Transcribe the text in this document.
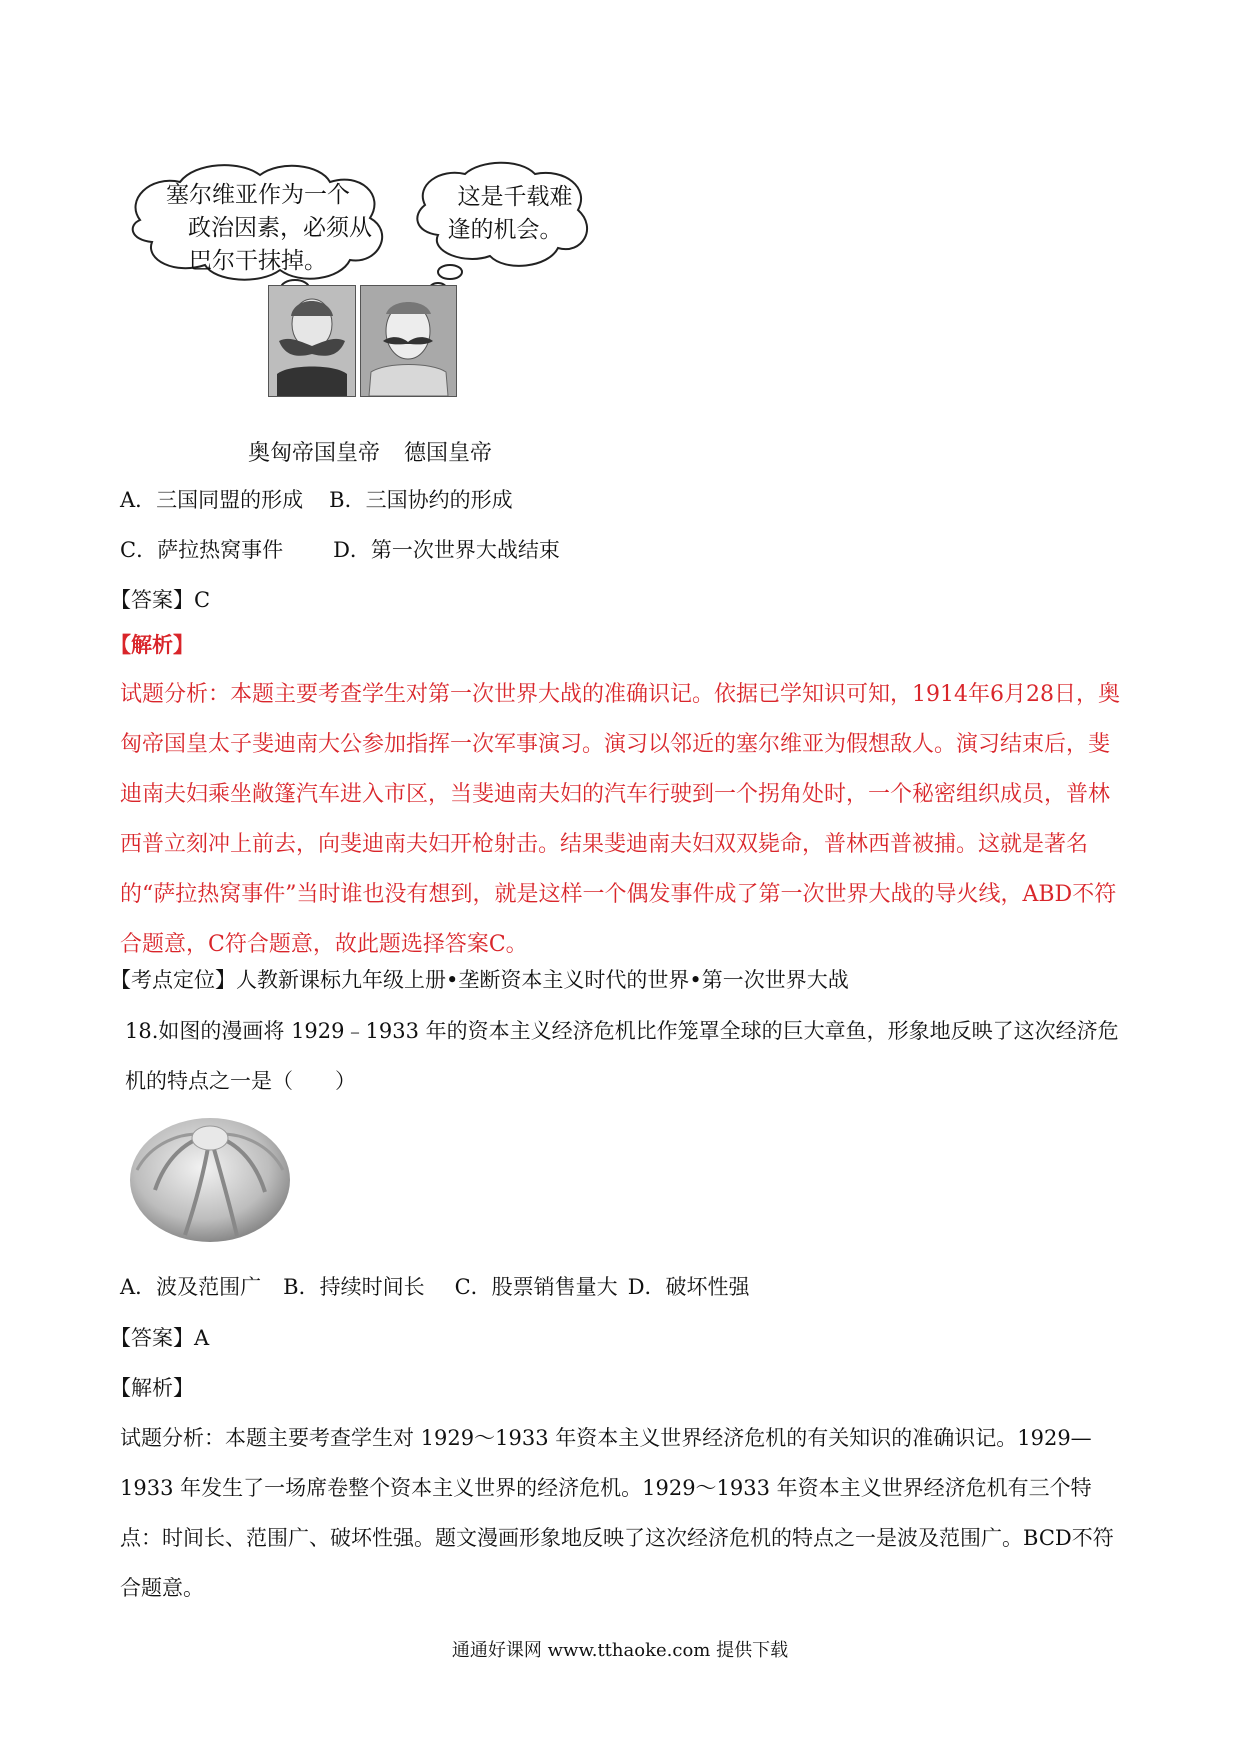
塞尔维亚作为一个
政治因素，必须从
巴尔干抹掉。
这是千载难
逢的机会。
奥匈帝国皇帝 德国皇帝
A．三国同盟的形成 B．三国协约的形成
C．萨拉热窝事件 D．第一次世界大战结束
【答案】C
【解析】
试题分析：本题主要考查学生对第一次世界大战的准确识记。依据已学知识可知，1914年6月28日，奥匈帝国皇太子斐迪南大公参加指挥一次军事演习。演习以邻近的塞尔维亚为假想敌人。演习结束后，斐迪南夫妇乘坐敞篷汽车进入市区，当斐迪南夫妇的汽车行驶到一个拐角处时，一个秘密组织成员，普林西普立刻冲上前去，向斐迪南夫妇开枪射击。结果斐迪南夫妇双双毙命，普林西普被捕。这就是著名的“萨拉热窝事件”当时谁也没有想到，就是这样一个偶发事件成了第一次世界大战的导火线，ABD不符合题意，C符合题意，故此题选择答案C。
【考点定位】人教新课标九年级上册•垄断资本主义时代的世界•第一次世界大战
18.如图的漫画将 1929﹣1933 年的资本主义经济危机比作笼罩全球的巨大章鱼，形象地反映了这次经济危
机的特点之一是（　　）
A．波及范围广 B．持续时间长 C．股票销售量大 D．破坏性强
【答案】A
【解析】
试题分析：本题主要考查学生对 1929～1933 年资本主义世界经济危机的有关知识的准确识记。1929—1933 年发生了一场席卷整个资本主义世界的经济危机。1929～1933 年资本主义世界经济危机有三个特点：时间长、范围广、破坏性强。题文漫画形象地反映了这次经济危机的特点之一是波及范围广。BCD不符合题意。
通通好课网 www.tthaoke.com 提供下载
